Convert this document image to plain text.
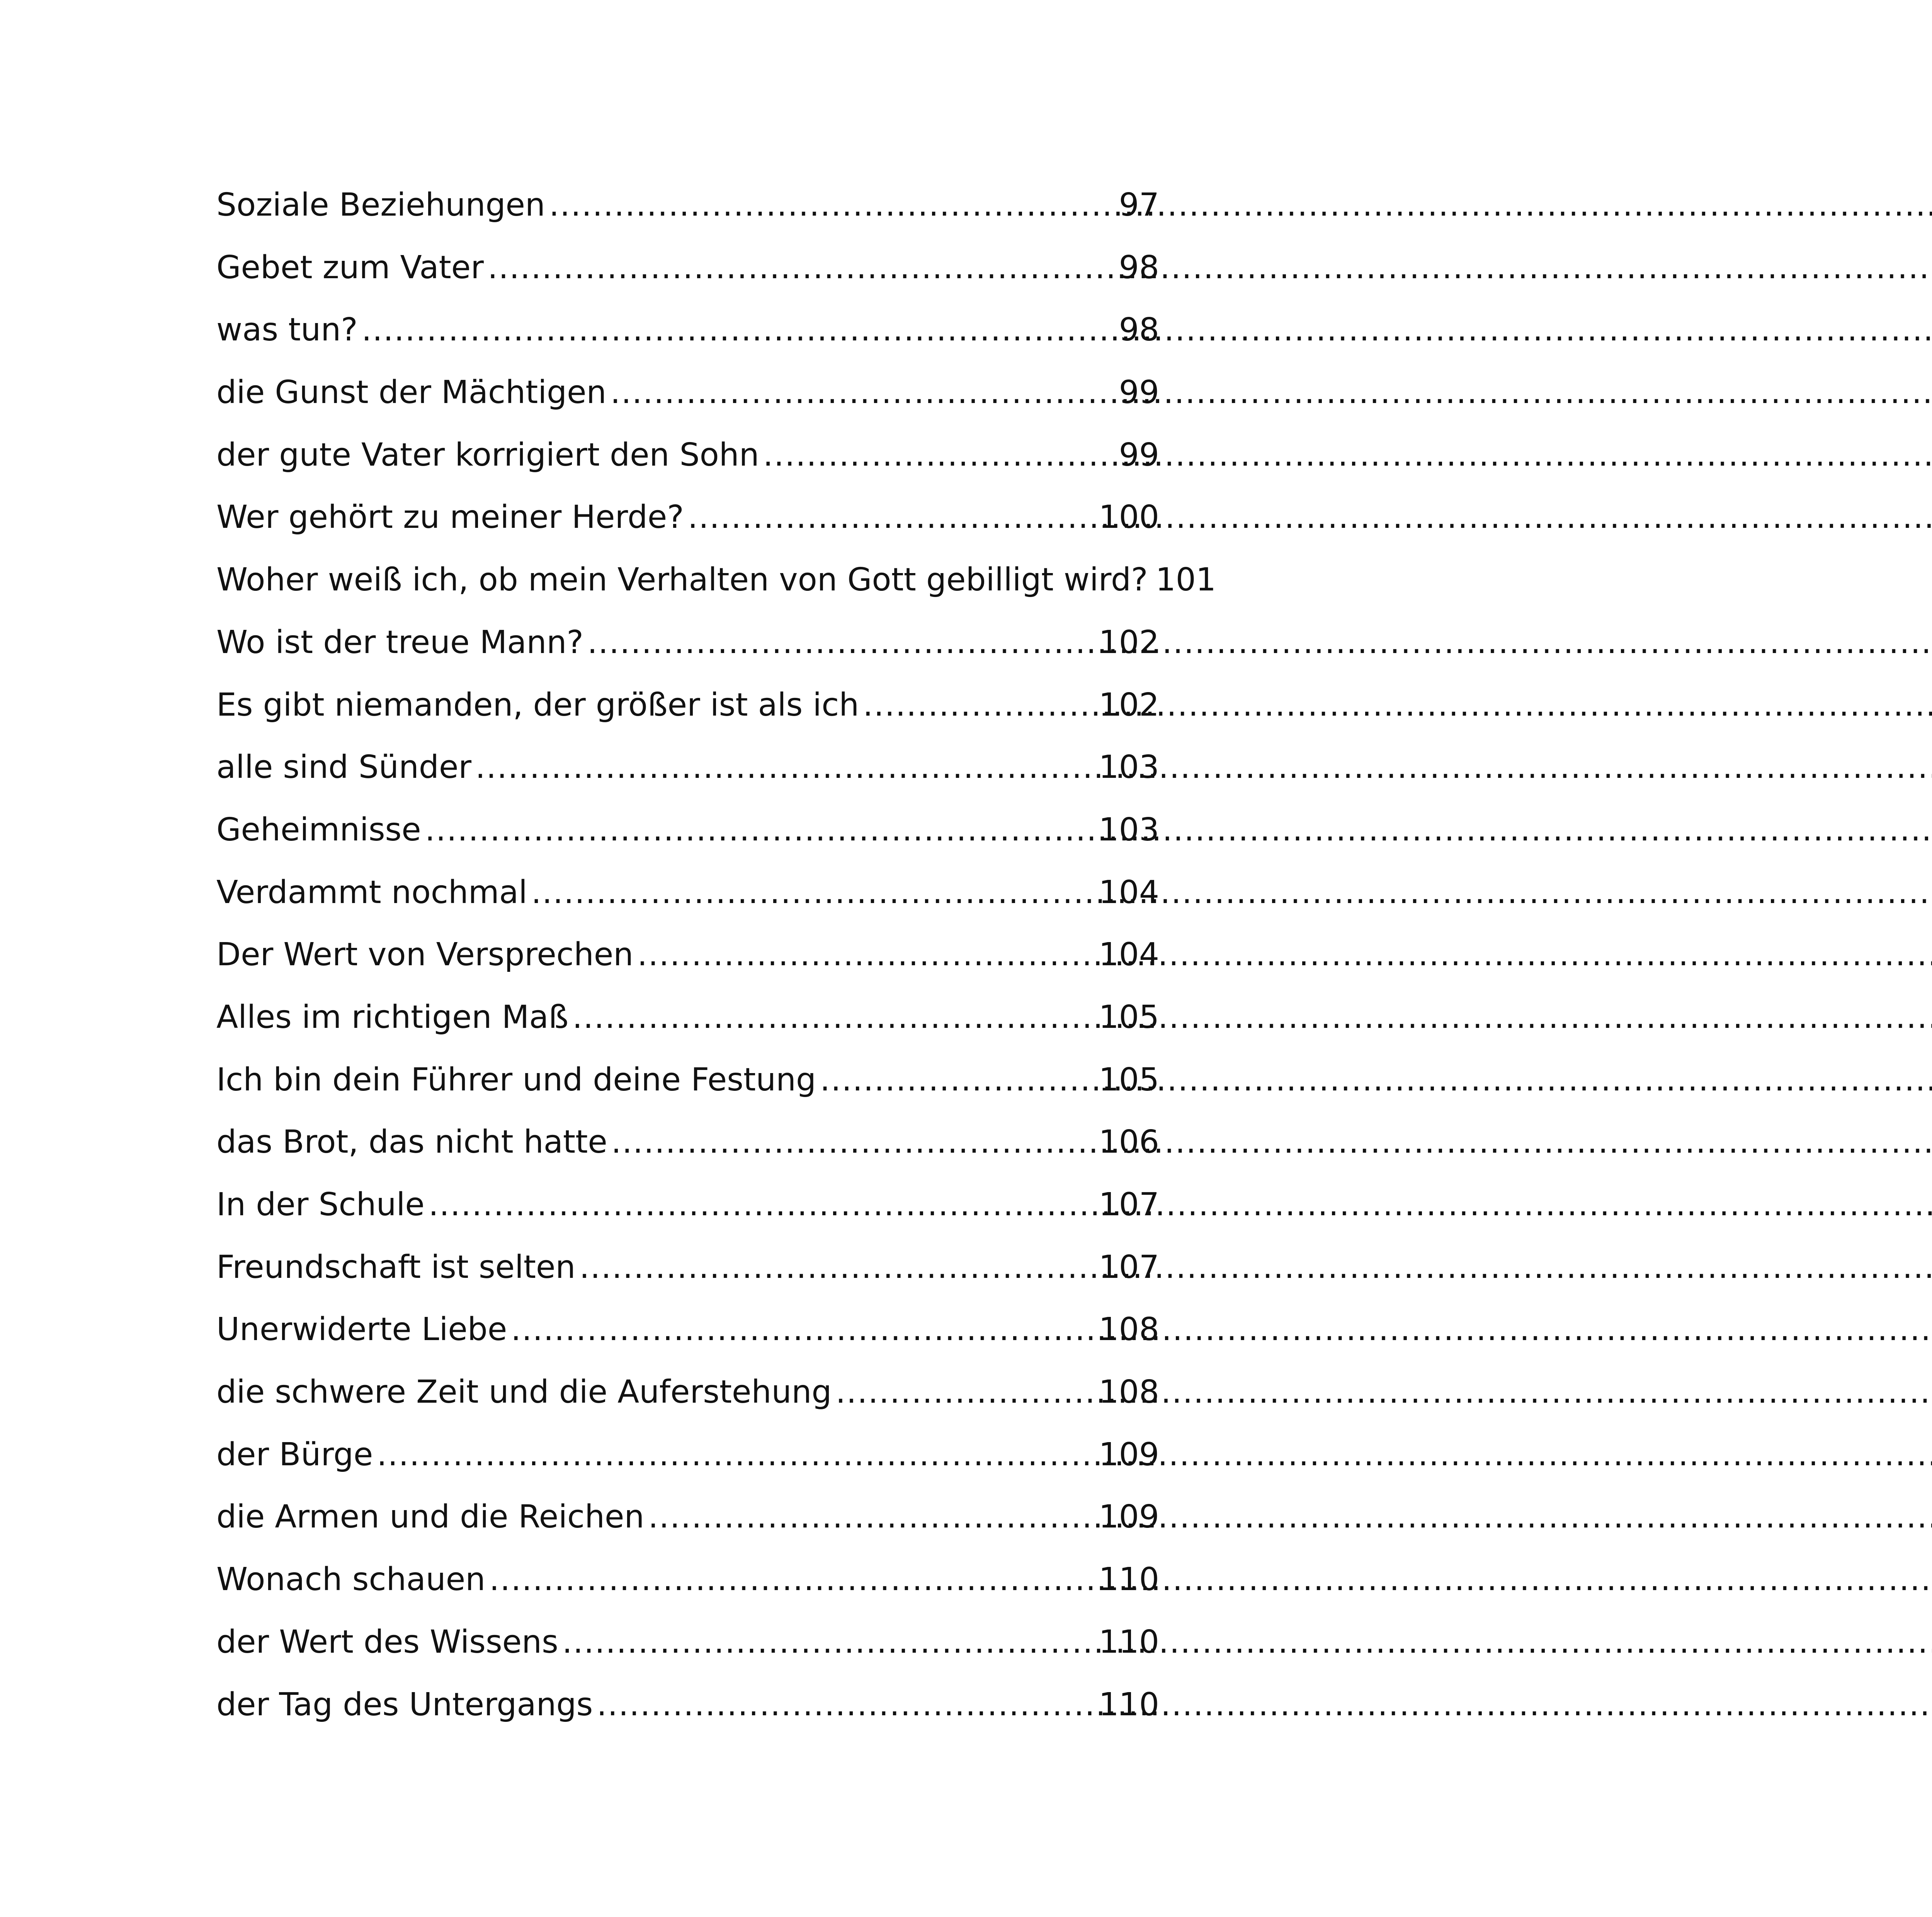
Soziale Beziehungen .....	97
Gebet zum Vater .....	98
was tun? .....	98
die Gunst der Mächtigen .....	99
der gute Vater korrigiert den Sohn .....	99
Wer gehört zu meiner Herde? .....	100
Woher weiß ich, ob mein Verhalten von Gott gebilligt wird? 101
Wo ist der treue Mann? .....	102
Es gibt niemanden, der größer ist als ich .....	102
alle sind Sünder .....	103
Geheimnisse .....	103
Verdammt nochmal .....	104
Der Wert von Versprechen .....	104
Alles im richtigen Maß .....	105
Ich bin dein Führer und deine Festung .....	105
das Brot, das nicht hatte .....	106
In der Schule .....	107
Freundschaft ist selten .....	107
Unerwiderte Liebe .....	108
die schwere Zeit und die Auferstehung .....	108
der Bürge .....	109
die Armen und die Reichen .....	109
Wonach schauen .....	110
der Wert des Wissens .....	110
der Tag des Untergangs .....	110
